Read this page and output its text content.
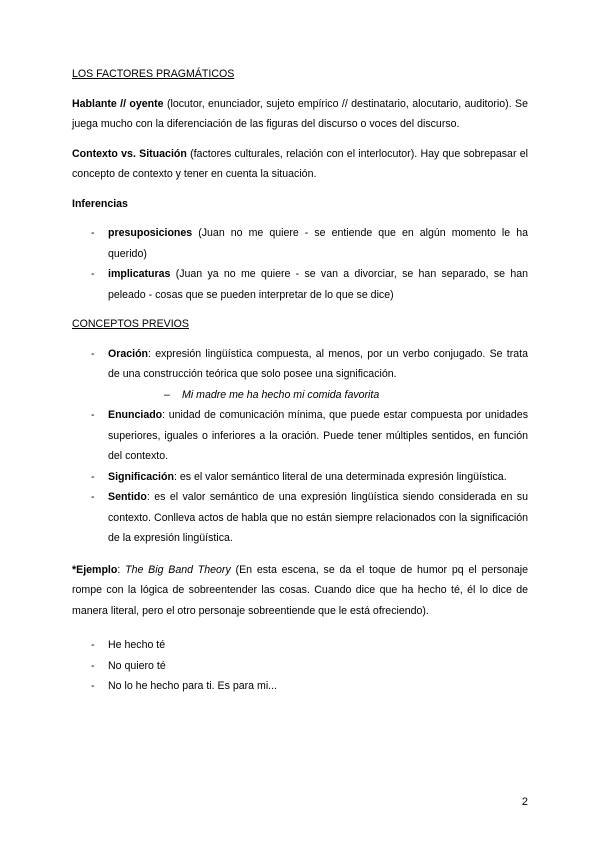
LOS FACTORES PRAGMÁTICOS

Hablante // oyente (locutor, enunciador, sujeto empírico // destinatario, alocutario, auditorio). Se juega mucho con la diferenciación de las figuras del discurso o voces del discurso.

Contexto vs. Situación (factores culturales, relación con el interlocutor). Hay que sobrepasar el concepto de contexto y tener en cuenta la situación.

Inferencias

- presuposiciones (Juan no me quiere - se entiende que en algún momento le ha querido)
- implicaturas (Juan ya no me quiere - se van a divorciar, se han separado, se han peleado - cosas que se pueden interpretar de lo que se dice)

CONCEPTOS PREVIOS

- Oración: expresión lingüística compuesta, al menos, por un verbo conjugado. Se trata de una construcción teórica que solo posee una significación.
– Mi madre me ha hecho mi comida favorita
- Enunciado: unidad de comunicación mínima, que puede estar compuesta por unidades superiores, iguales o inferiores a la oración. Puede tener múltiples sentidos, en función del contexto.
- Significación: es el valor semántico literal de una determinada expresión lingüística.
- Sentido: es el valor semántico de una expresión lingüística siendo considerada en su contexto. Conlleva actos de habla que no están siempre relacionados con la significación de la expresión lingüística.

*Ejemplo: The Big Band Theory (En esta escena, se da el toque de humor pq el personaje rompe con la lógica de sobreentender las cosas. Cuando dice que ha hecho té, él lo dice de manera literal, pero el otro personaje sobreentiende que le está ofreciendo).

- He hecho té
- No quiero té
- No lo he hecho para ti. Es para mi...
2
